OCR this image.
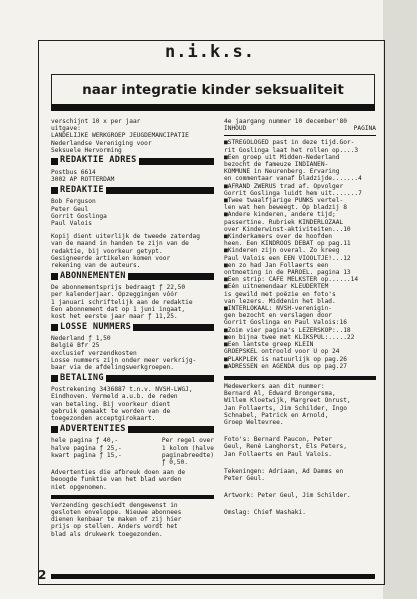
n.i.k.s.
naar integratie kinder seksualiteit
verschijnt 10 x per jaar
uitgave:
LANDELIJKE WERKGROEP JEUGDEMANCIPATIE
Nederlandse Vereniging voor
Seksuele Hervorming
REDAKTIE ADRES
Postbus 6614
3002 AP ROTTERDAM
REDAKTIE
Bob Ferguson
Peter Geul
Gorrit Goslinga
Paul Valois
Kopij dient uiterlijk de tweede zaterdag
van de maand in handen te zijn van de
redaktie, bij voorkeur getypt.
Gesigneerde artikelen komen voor
rekening van de auteurs.
ABONNEMENTEN
De abonnementsprijs bedraagt ƒ 22,50
per kalenderjaar. Opzeggingen vóór
1 januari schriftelijk aan de redaktie
Een abonnement dat op 1 juni ingaat,
kost het eerste jaar maar ƒ 11,25.
LOSSE NUMMERS
Nederland ƒ 1,50
België Bfr 25
exclusief verzendkosten
Losse nummers zijn onder meer verkrijg-
baar via de afdelingswerkgroepen.
BETALING
Postrekening 3436887 t.n.v. NVSH-LWGJ,
Eindhoven. Vermeld a.u.b. de reden
van betaling. Bij voorkeur dient
gebruik gemaakt te worden van de
toegezonden acceptgirokaart.
ADVERTENTIES
hele pagina ƒ 40,-
halve pagina ƒ 25,-
kwart pagina ƒ 15,-
Per regel over
1 kolom (halve
paginabreedte)
ƒ 0,50.
Advertenties die afbreuk doen aan de
beoogde funktie van het blad worden
niet opgenomen.
Verzending geschiedt dengewenst in
gesloten enveloppe. Nieuwe abonnees
dienen kenbaar te maken of zij hier
prijs op stellen. Anders wordt het
blad als drukwerk toegezonden.
4e jaargang nummer 10 december'80
INHOUD	PAGINA
■STREGOLOGED past in deze tijd.Gor-
rit Goslinga laat het rollen op....3
■Een groep uit Midden-Nederland
bezocht de fameuze INDIANEN-
KOMMUNE in Neurenberg. Ervaring
en commentaar vanaf bladzijde.......4
■AFRAND ZWERUS trad af. Opvolger
Gorrit Goslinga luidt hem uit.......7
■Twee twaalfjarige PUNKS vertel-
len wat hen beweegt. Op bladzij 8
■Andere kinderen, andere tijd;
passertine. Rubriek KINDERLOZAAL
over Kinderwinst-aktiviteiten...10
■Kinderkamers over de hoofden
heen. Een KINDROOS DEBAT op pag.11
■Kinderen zijn overal. Zo kreeg
Paul Valois een EEN VIOOLTJE!...12
■en zo had Jan Follaerts een
ontmoeting in de PAROEL. pagina 13
■Een strip: CAFE MELKSTER op......14
■Eén uitnemendaar KLEUDERTEM
is gewild met poëzie en foto's
van lezers. Middenin het blad.
■INTERLOKAAL: NVSH-verenigin-
gen bezocht en verslagen door
Gorrit Goslinga en Paul Valois:16
■Zoim vier pagina's LEZERSKOP:..18
■en bijna twee met KLIKSPUL:.....22
■Een lantste greep KLEIN
GROEPSKEL ontroold voor U op 24
■PLAKPLEK is natuurlijk op pag.26
■ADRESSEN en AGENDA dus op pag.27
Medewerkers aan dit nummer:
Bernard Al, Edward Brongersma,
Willem Kloetwijk, Margreet Onrust,
Jan Follaerts, Jim Schilder, Ingo
Schnabel, Patrick en Arnold,
Groep Weltevree.
Foto's: Bernard Paucon, Peter
Geul, René Langhorst, Els Peters,
Jan Follaerts en Paul Valois.
Tekeningen: Adriaan, Ad Damms en
Peter Geul.
Artwork: Peter Geul, Jim Schilder.
Omslag: Chief Washaki.
2
